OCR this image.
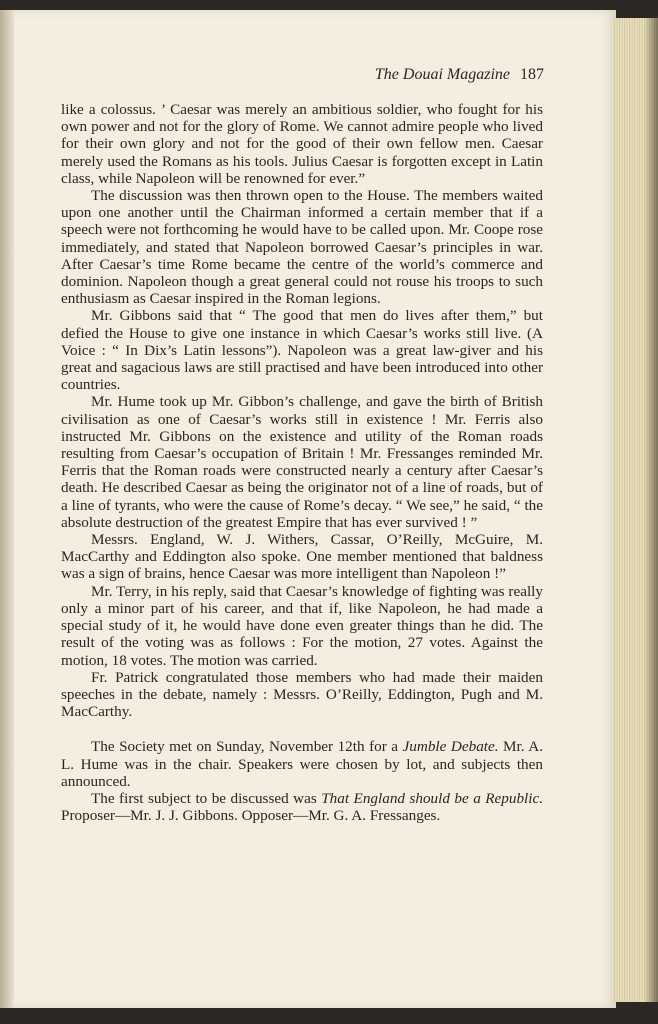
The Douai Magazine 187

like a colossus. ’ Caesar was merely an ambitious soldier, who fought for his own power and not for the glory of Rome. We cannot admire people who lived for their own glory and not for the good of their own fellow men. Caesar merely used the Romans as his tools. Julius Caesar is forgotten except in Latin class, while Napoleon will be renowned for ever.”

The discussion was then thrown open to the House. The members waited upon one another until the Chairman informed a certain member that if a speech were not forthcoming he would have to be called upon. Mr. Coope rose immediately, and stated that Napoleon borrowed Caesar’s principles in war. After Caesar’s time Rome became the centre of the world’s commerce and dominion. Napoleon though a great general could not rouse his troops to such enthusiasm as Caesar inspired in the Roman legions.

Mr. Gibbons said that “ The good that men do lives after them,” but defied the House to give one instance in which Caesar’s works still live. (A Voice : “ In Dix’s Latin lessons”). Napoleon was a great law-giver and his great and sagacious laws are still practised and have been introduced into other countries.

Mr. Hume took up Mr. Gibbon’s challenge, and gave the birth of British civilisation as one of Caesar’s works still in existence ! Mr. Ferris also instructed Mr. Gibbons on the existence and utility of the Roman roads resulting from Caesar’s occupation of Britain ! Mr. Fressanges reminded Mr. Ferris that the Roman roads were constructed nearly a century after Caesar’s death. He described Caesar as being the originator not of a line of roads, but of a line of tyrants, who were the cause of Rome’s decay. “ We see,” he said, “ the absolute destruction of the greatest Empire that has ever survived ! ”

Messrs. England, W. J. Withers, Cassar, O’Reilly, McGuire, M. MacCarthy and Eddington also spoke. One member mentioned that baldness was a sign of brains, hence Caesar was more intelligent than Napoleon !”

Mr. Terry, in his reply, said that Caesar’s knowledge of fighting was really only a minor part of his career, and that if, like Napoleon, he had made a special study of it, he would have done even greater things than he did. The result of the voting was as follows : For the motion, 27 votes. Against the motion, 18 votes. The motion was carried.

Fr. Patrick congratulated those members who had made their maiden speeches in the debate, namely : Messrs. O’Reilly, Eddington, Pugh and M. MacCarthy.

The Society met on Sunday, November 12th for a Jumble Debate. Mr. A. L. Hume was in the chair. Speakers were chosen by lot, and subjects then announced.

The first subject to be discussed was That England should be a Republic. Proposer—Mr. J. J. Gibbons. Opposer—Mr. G. A. Fressanges.
